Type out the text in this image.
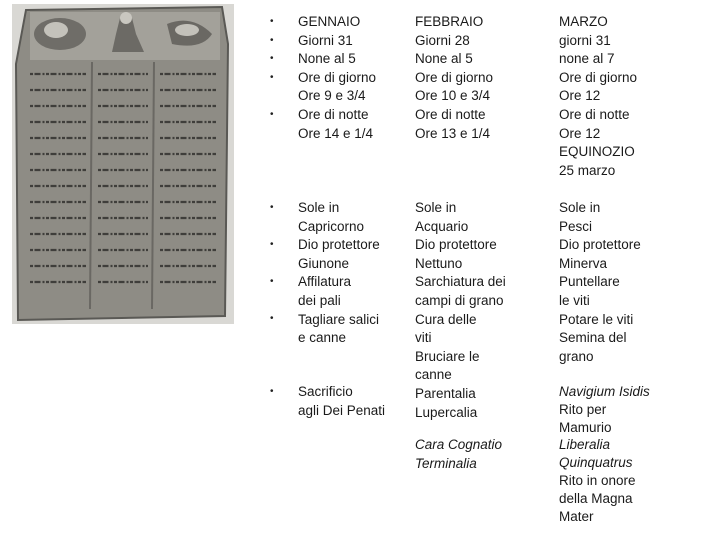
•
•
•
•
•
•
•
•
•
•
GENNAIO
Giorni 31
None al 5
Ore di giorno
Ore 9 e 3/4
Ore di notte
Ore 14 e 1/4
Sole in
Capricorno
Dio protettore
Giunone
Affilatura
dei pali
Tagliare salici
e canne
Sacrificio
agli Dei Penati
FEBBRAIO
Giorni 28
None al 5
Ore di giorno
Ore 10 e 3/4
Ore di notte
Ore 13 e 1/4
Sole in
Acquario
Dio protettore
Nettuno
Sarchiatura dei
campi di grano
Cura delle
viti
Bruciare le
canne
Parentalia
Lupercalia
Cara Cognatio
Terminalia
MARZO
giorni 31
none al 7
Ore di giorno
Ore 12
Ore di notte
Ore 12
EQUINOZIO
25 marzo
Sole in
Pesci
Dio protettore
Minerva
Puntellare
le viti
Potare le viti
Semina del
grano
Navigium Isidis
Rito per
Mamurio
Liberalia
Quinquatrus
Rito in onore
della Magna
Mater
